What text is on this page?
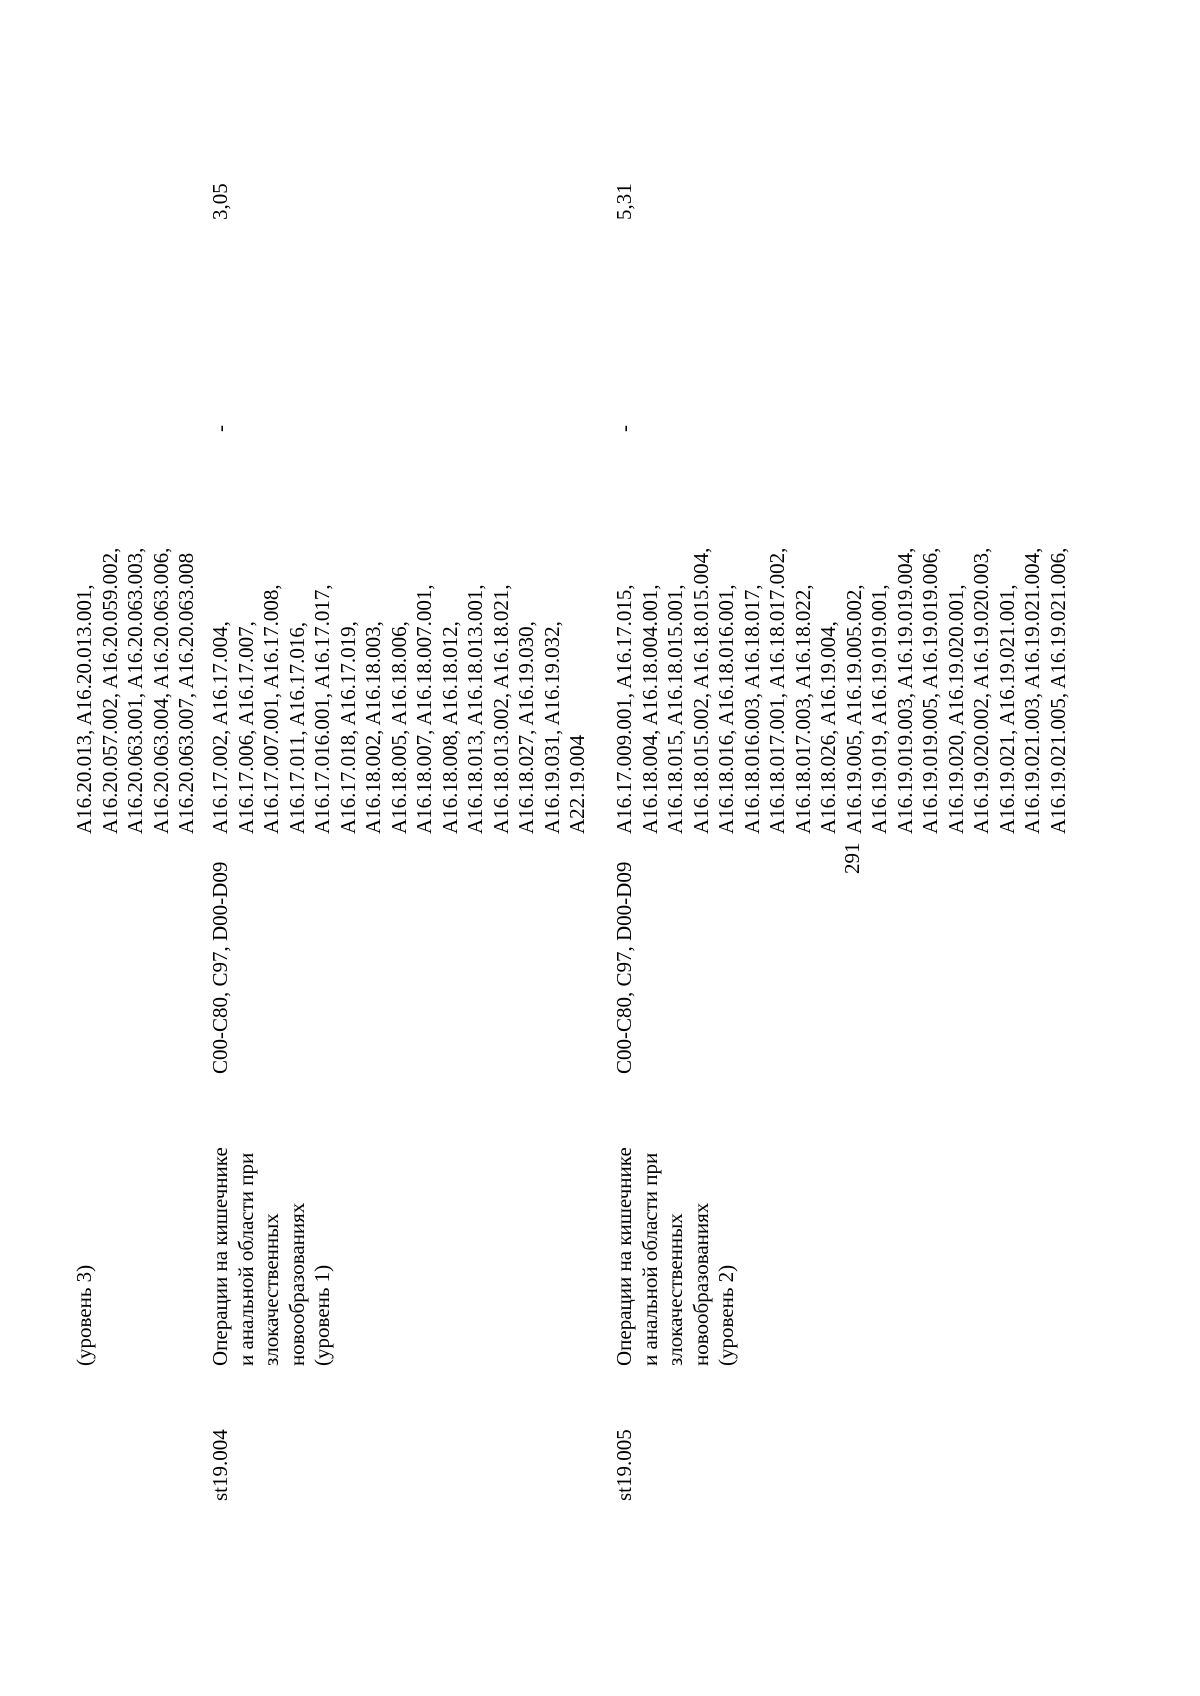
291
(уровень 3)
A16.20.013, A16.20.013.001, A16.20.057.002, A16.20.059.002, A16.20.063.001, A16.20.063.003, A16.20.063.004, A16.20.063.006, A16.20.063.007, A16.20.063.008
st19.004
Операции на кишечнике и анальной области при злокачественных новообразованиях (уровень 1)
C00-C80, C97, D00-D09
A16.17.002, A16.17.004, A16.17.006, A16.17.007, A16.17.007.001, A16.17.008, A16.17.011, A16.17.016, A16.17.016.001, A16.17.017, A16.17.018, A16.17.019, A16.18.002, A16.18.003, A16.18.005, A16.18.006, A16.18.007, A16.18.007.001, A16.18.008, A16.18.012, A16.18.013, A16.18.013.001, A16.18.013.002, A16.18.021, A16.18.027, A16.19.030, A16.19.031, A16.19.032, A22.19.004
-
3,05
st19.005
Операции на кишечнике и анальной области при злокачественных новообразованиях (уровень 2)
C00-C80, C97, D00-D09
A16.17.009.001, A16.17.015, A16.18.004, A16.18.004.001, A16.18.015, A16.18.015.001, A16.18.015.002, A16.18.015.004, A16.18.016, A16.18.016.001, A16.18.016.003, A16.18.017, A16.18.017.001, A16.18.017.002, A16.18.017.003, A16.18.022, A16.18.026, A16.19.004, A16.19.005, A16.19.005.002, A16.19.019, A16.19.019.001, A16.19.019.003, A16.19.019.004, A16.19.019.005, A16.19.019.006, A16.19.020, A16.19.020.001, A16.19.020.002, A16.19.020.003, A16.19.021, A16.19.021.001, A16.19.021.003, A16.19.021.004, A16.19.021.005, A16.19.021.006,
-
5,31
